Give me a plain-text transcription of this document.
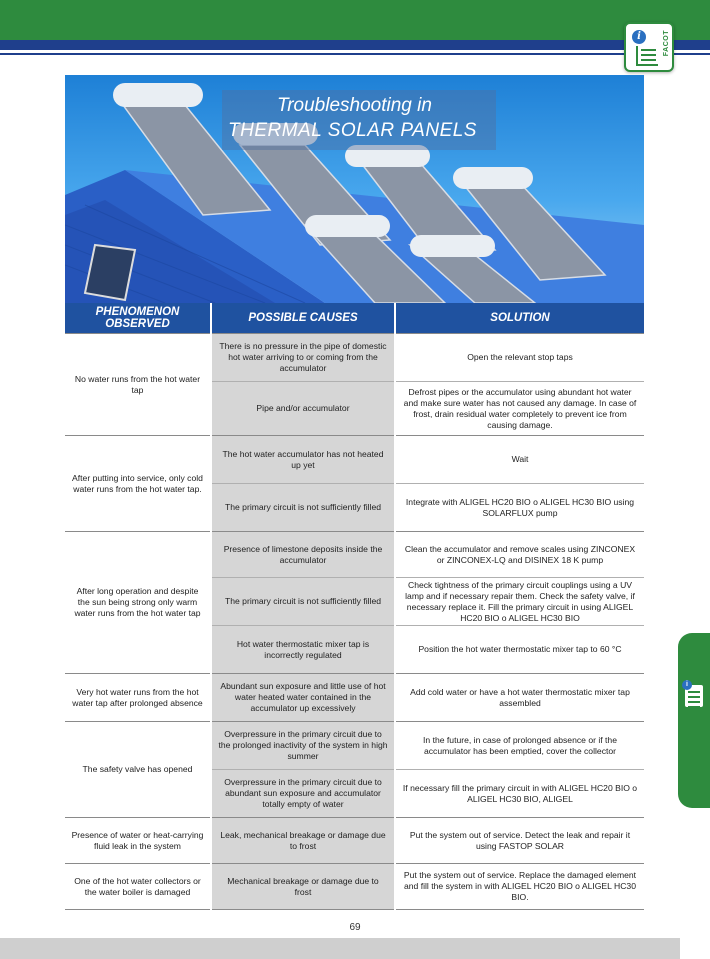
i	FACOT
Troubleshooting in
THERMAL SOLAR PANELS
PHENOMENON OBSERVED	POSSIBLE CAUSES	SOLUTION
No water runs from the hot water tap	There is no pressure in the pipe of domestic hot water arriving to or coming from the accumulator	Open the relevant stop taps
	Pipe and/or accumulator	Defrost pipes or the accumulator using abundant hot water and make sure water has not caused any damage. In case of frost, drain residual water completely to prevent ice from causing damage.
After putting into service, only cold water runs from the hot water tap.	The hot water accumulator has not heated up yet	Wait
	The primary circuit is not sufficiently filled	Integrate with ALIGEL HC20 BIO o ALIGEL HC30 BIO using SOLARFLUX pump
After long operation and despite the sun being strong only warm water runs from the hot water tap	Presence of limestone deposits inside the accumulator	Clean the accumulator and remove scales using ZINCONEX or ZINCONEX-LQ and DISINEX 18 K pump
	The primary circuit is not sufficiently filled	Check tightness of the primary circuit couplings using a UV lamp and if necessary repair them. Check the safety valve, if necessary replace it. Fill the primary circuit in using ALIGEL HC20 BIO o ALIGEL HC30 BIO
	Hot water thermostatic mixer tap is incorrectly regulated	Position the hot water thermostatic mixer tap to 60 °C
Very hot water runs from the hot water tap after prolonged absence	Abundant sun exposure and little use of hot water heated water contained in the accumulator up excessively	Add cold water or have a hot water thermostatic mixer tap assembled
The safety valve has opened	Overpressure in the primary circuit due to the prolonged inactivity of the system in high summer	In the future, in case of prolonged absence or if the accumulator has been emptied, cover the collector
	Overpressure in the primary circuit due to abundant sun exposure and accumulator totally empty of water	If necessary fill the primary circuit in with ALIGEL HC20 BIO o ALIGEL HC30 BIO, ALIGEL
Presence of water or heat-carrying fluid leak in the system	Leak, mechanical breakage or damage due to frost	Put the system out of service. Detect the leak and repair it using FASTOP SOLAR
One of the hot water collectors or the water boiler is damaged	Mechanical breakage or damage due to frost	Put the system out of service. Replace the damaged element and fill the system in with ALIGEL HC20 BIO o ALIGEL HC30 BIO.
69
i
